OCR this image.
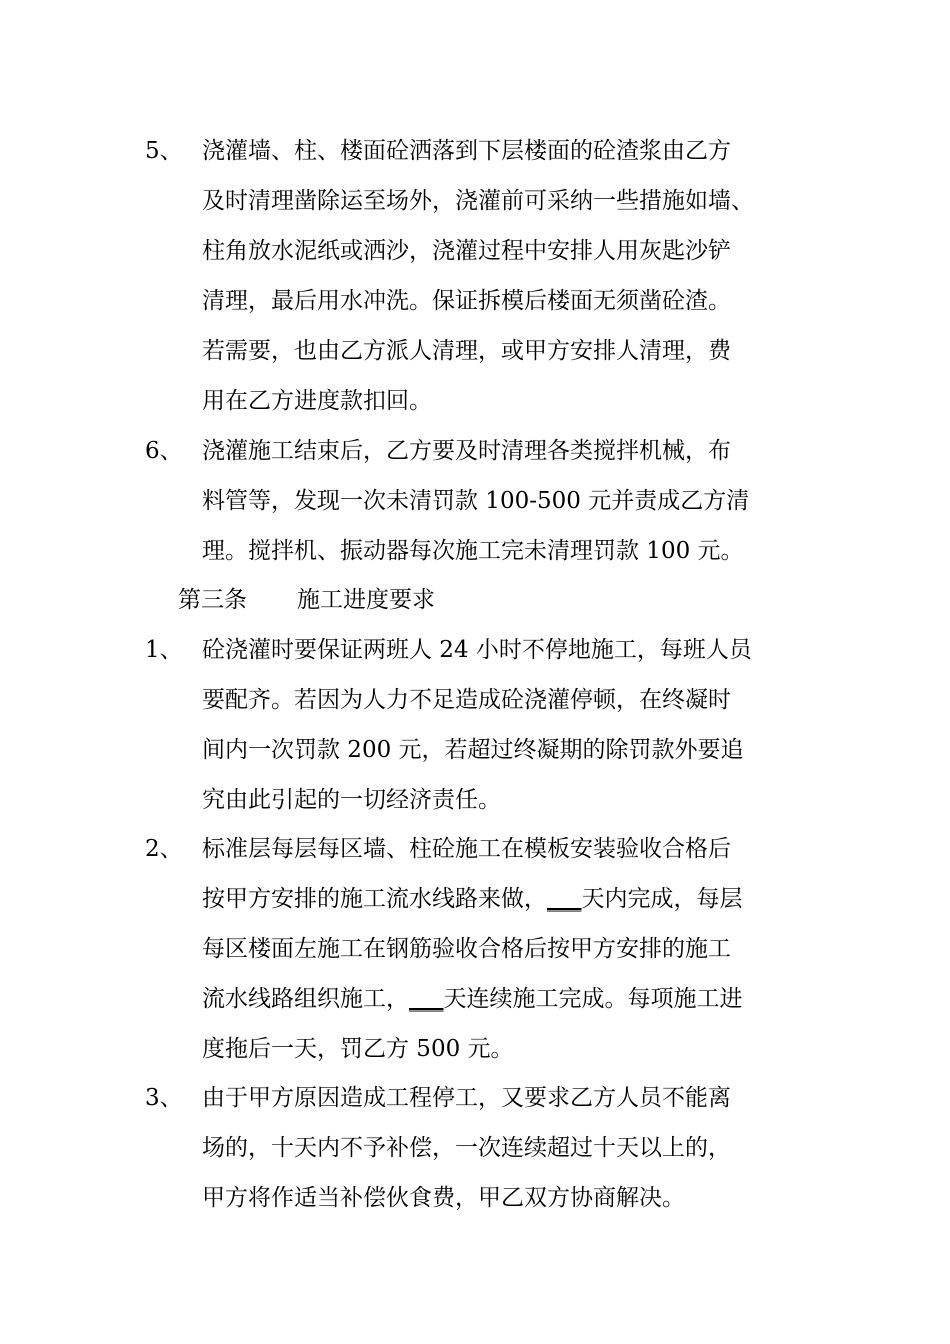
5、 浇灌墙、柱、楼面砼洒落到下层楼面的砼渣浆由乙方
及时清理凿除运至场外，浇灌前可采纳一些措施如墙、
柱角放水泥纸或洒沙，浇灌过程中安排人用灰匙沙铲
清理，最后用水冲洗。保证拆模后楼面无须凿砼渣。
若需要，也由乙方派人清理，或甲方安排人清理，费
用在乙方进度款扣回。
6、 浇灌施工结束后，乙方要及时清理各类搅拌机械，布
料管等，发现一次未清罚款 100-500 元并责成乙方清
理。搅拌机、振动器每次施工完未清理罚款 100 元。
第三条 施工进度要求
1、 砼浇灌时要保证两班人 24 小时不停地施工，每班人员
要配齐。若因为人力不足造成砼浇灌停顿，在终凝时
间内一次罚款 200 元，若超过终凝期的除罚款外要追
究由此引起的一切经济责任。
2、 标准层每层每区墙、柱砼施工在模板安装验收合格后
按甲方安排的施工流水线路来做，___天内完成，每层
每区楼面左施工在钢筋验收合格后按甲方安排的施工
流水线路组织施工，___天连续施工完成。每项施工进
度拖后一天，罚乙方 500 元。
3、 由于甲方原因造成工程停工，又要求乙方人员不能离
场的，十天内不予补偿，一次连续超过十天以上的，
甲方将作适当补偿伙食费，甲乙双方协商解决。
